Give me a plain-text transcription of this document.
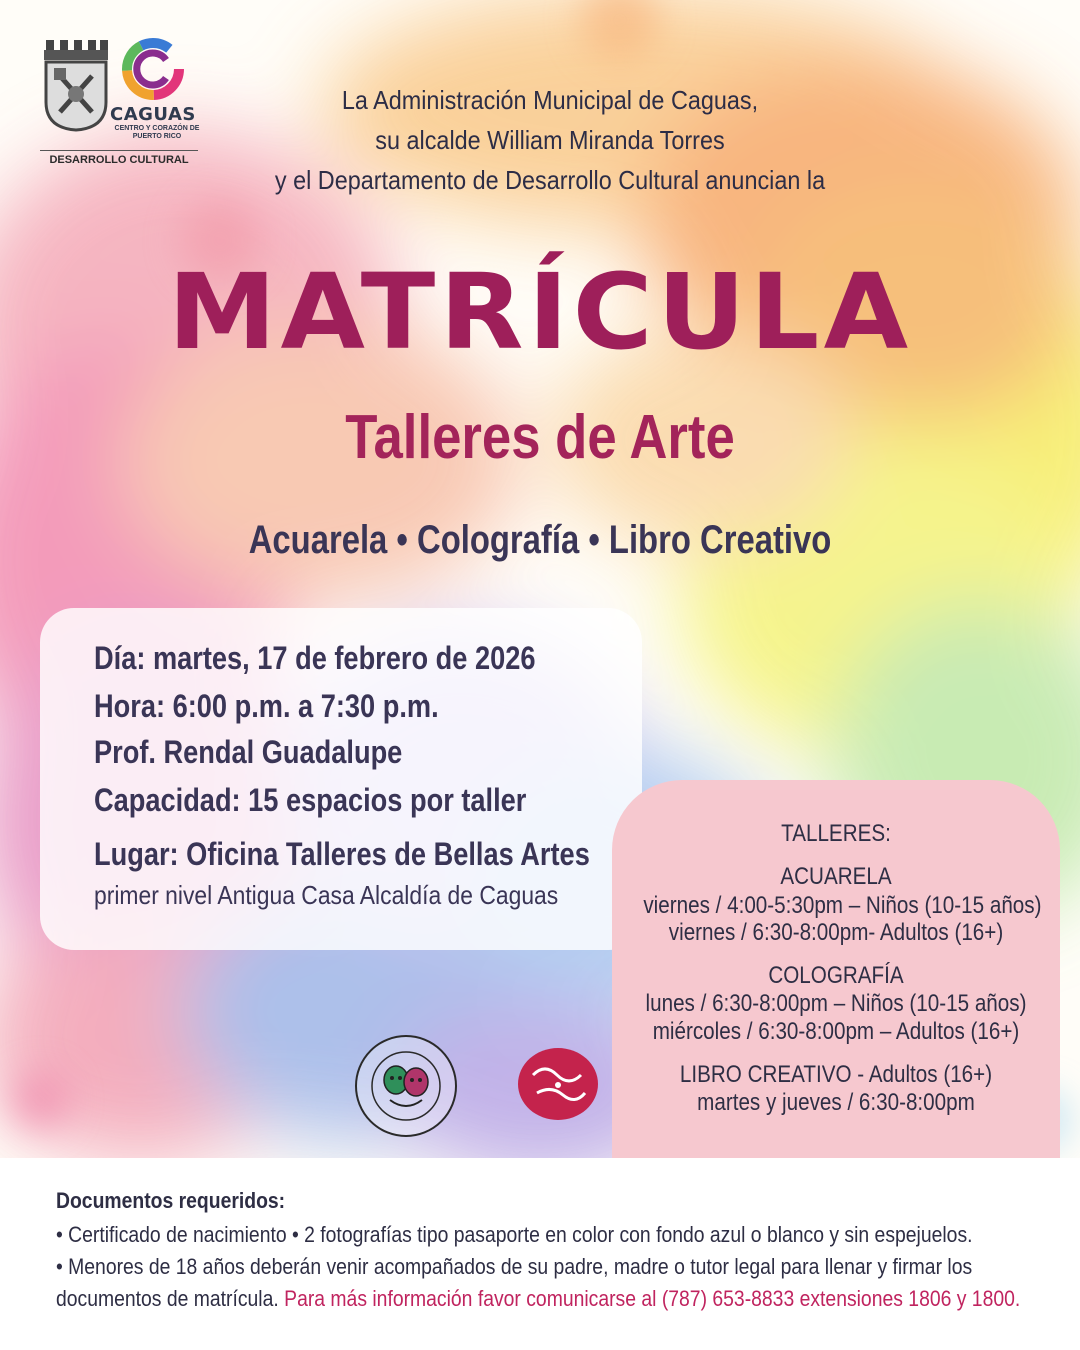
CAGUAS
CENTRO Y CORAZÓN DE PUERTO RICO
DESARROLLO CULTURAL
La Administración Municipal de Caguas,
su alcalde William Miranda Torres
y el Departamento de Desarrollo Cultural anuncian la
MATRÍCULA
Talleres de Arte
Acuarela • Colografía • Libro Creativo
Día: martes, 17 de febrero de 2026
Hora: 6:00 p.m. a 7:30 p.m.
Prof. Rendal Guadalupe
Capacidad: 15 espacios por taller
Lugar: Oficina Talleres de Bellas Artes
primer nivel Antigua Casa Alcaldía de Caguas
TALLERES:
ACUARELA
viernes / 4:00-5:30pm – Niños (10-15 años)
viernes / 6:30-8:00pm- Adultos (16+)
COLOGRAFÍA
lunes / 6:30-8:00pm – Niños (10-15 años)
miércoles / 6:30-8:00pm – Adultos (16+)
LIBRO CREATIVO - Adultos (16+)
martes y jueves / 6:30-8:00pm
Documentos requeridos:
• Certificado de nacimiento • 2 fotografías tipo pasaporte en color con fondo azul o blanco y sin espejuelos.
• Menores de 18 años deberán venir acompañados de su padre, madre o tutor legal para llenar y firmar los
documentos de matrícula. Para más información favor comunicarse al (787) 653-8833 extensiones 1806 y 1800.
